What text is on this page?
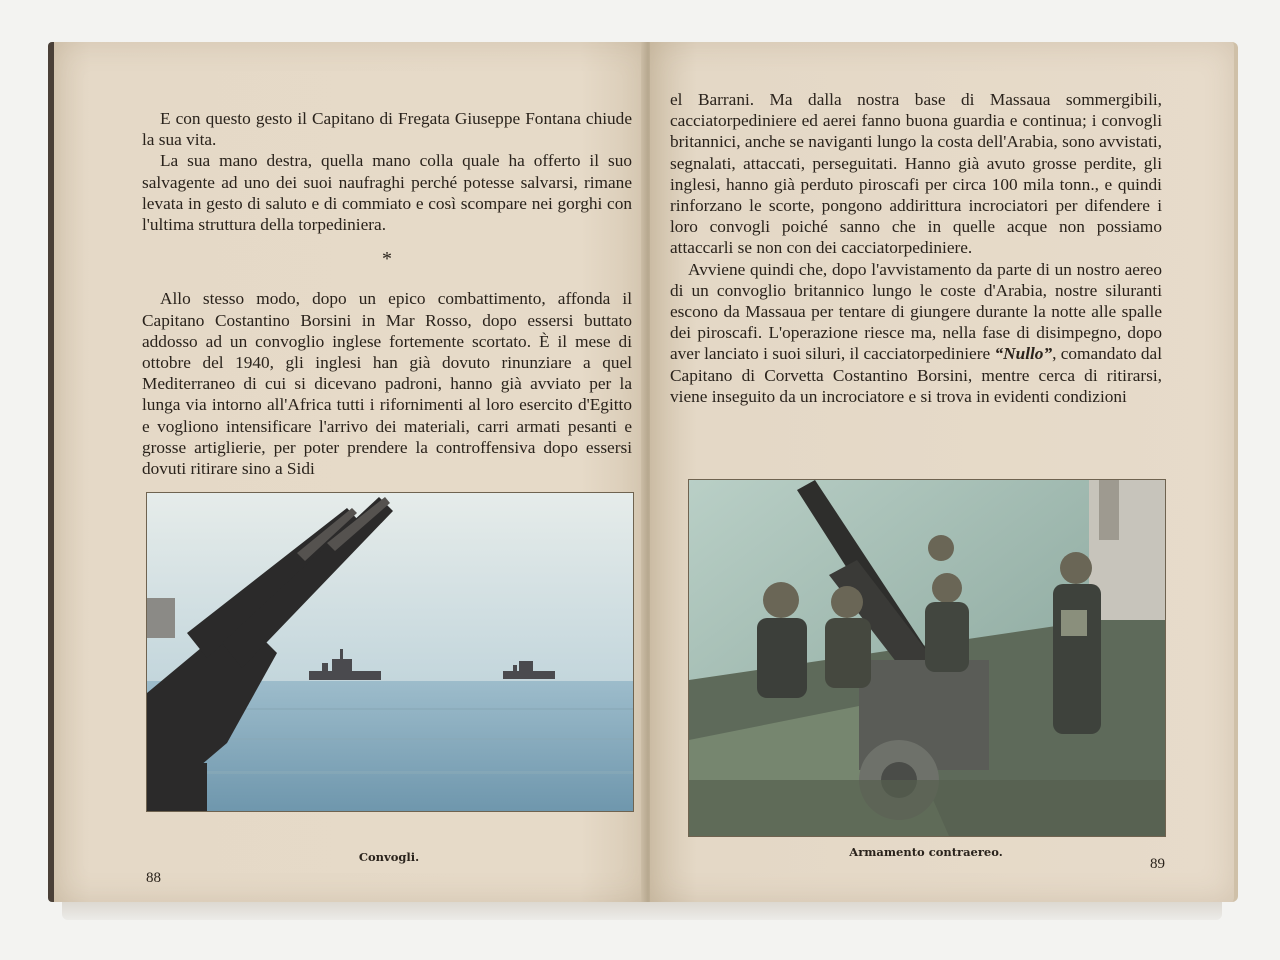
E con questo gesto il Capitano di Fregata Giuseppe Fontana chiude la sua vita.

La sua mano destra, quella mano colla quale ha offerto il suo salvagente ad uno dei suoi naufraghi perché potesse salvarsi, rimane levata in gesto di saluto e di commiato e così scompare nei gorghi con l'ultima struttura della torpediniera.

*

Allo stesso modo, dopo un epico combattimento, affonda il Capitano Costantino Borsini in Mar Rosso, dopo essersi buttato addosso ad un convoglio inglese fortemente scortato. È il mese di ottobre del 1940, gli inglesi han già dovuto rinunziare a quel Mediterraneo di cui si dicevano padroni, hanno già avviato per la lunga via intorno all'Africa tutti i rifornimenti al loro esercito d'Egitto e vogliono intensificare l'arrivo dei materiali, carri armati pesanti e grosse artiglierie, per poter prendere la controffensiva dopo essersi dovuti ritirare sino a Sidi

Convogli.
88

el Barrani. Ma dalla nostra base di Massaua sommergibili, cacciatorpediniere ed aerei fanno buona guardia e continua; i convogli britannici, anche se naviganti lungo la costa dell'Arabia, sono avvistati, segnalati, attaccati, perseguitati. Hanno già avuto grosse perdite, gli inglesi, hanno già perduto piroscafi per circa 100 mila tonn., e quindi rinforzano le scorte, pongono addirittura incrociatori per difendere i loro convogli poiché sanno che in quelle acque non possiamo attaccarli se non con dei cacciatorpediniere.

Avviene quindi che, dopo l'avvistamento da parte di un nostro aereo di un convoglio britannico lungo le coste d'Arabia, nostre siluranti escono da Massaua per tentare di giungere durante la notte alle spalle dei piroscafi. L'operazione riesce ma, nella fase di disimpegno, dopo aver lanciato i suoi siluri, il cacciatorpediniere “Nullo”, comandato dal Capitano di Corvetta Costantino Borsini, mentre cerca di ritirarsi, viene inseguito da un incrociatore e si trova in evidenti condizioni

Armamento contraereo.
89
